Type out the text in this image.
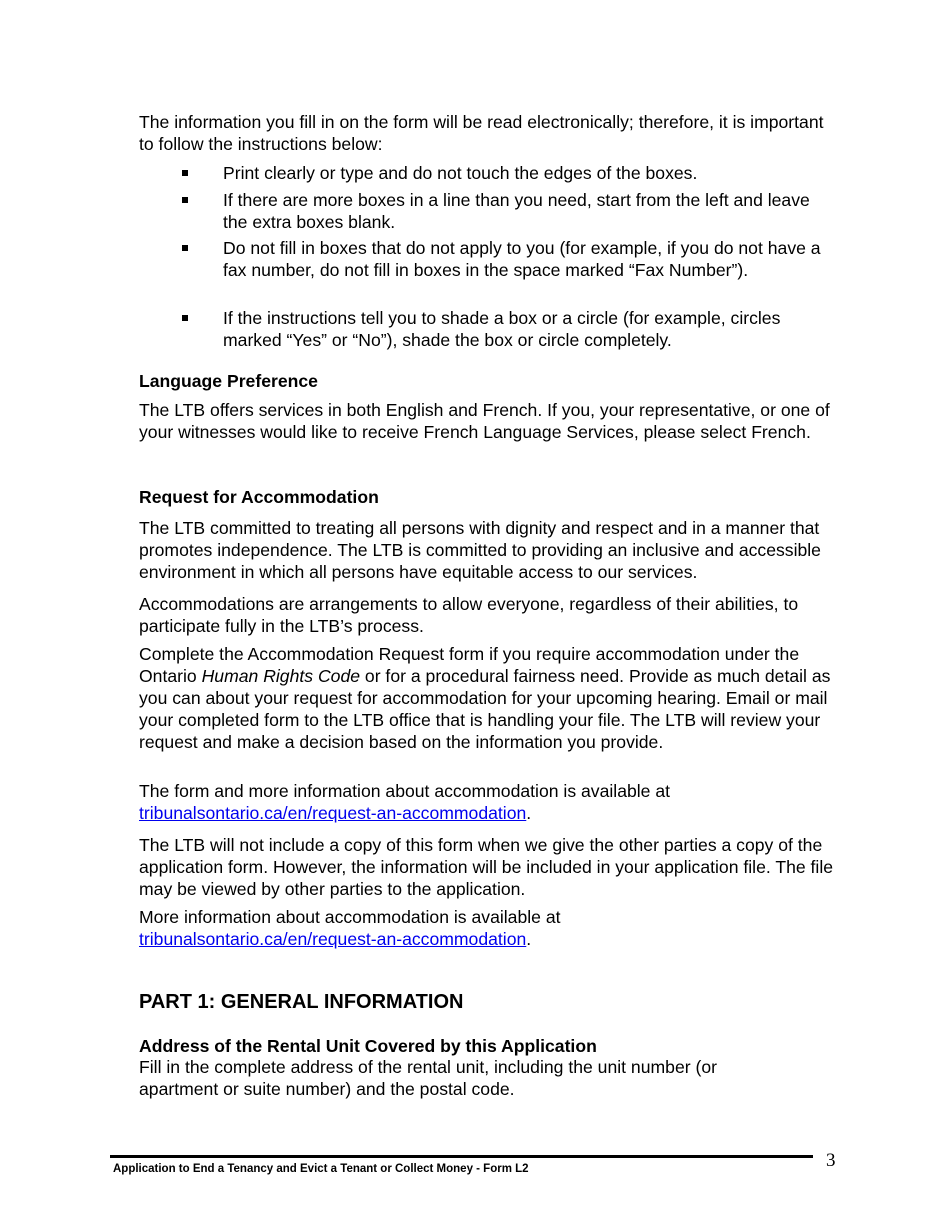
The information you fill in on the form will be read electronically; therefore, it is important to follow the instructions below:

Print clearly or type and do not touch the edges of the boxes.

If there are more boxes in a line than you need, start from the left and leave the extra boxes blank.

Do not fill in boxes that do not apply to you (for example, if you do not have a fax number, do not fill in boxes in the space marked “Fax Number”).

If the instructions tell you to shade a box or a circle (for example, circles marked “Yes” or “No”), shade the box or circle completely.

Language Preference

The LTB offers services in both English and French. If you, your representative, or one of your witnesses would like to receive French Language Services, please select French.

Request for Accommodation

The LTB committed to treating all persons with dignity and respect and in a manner that promotes independence. The LTB is committed to providing an inclusive and accessible environment in which all persons have equitable access to our services.

Accommodations are arrangements to allow everyone, regardless of their abilities, to participate fully in the LTB’s process.

Complete the Accommodation Request form if you require accommodation under the Ontario Human Rights Code or for a procedural fairness need. Provide as much detail as you can about your request for accommodation for your upcoming hearing. Email or mail your completed form to the LTB office that is handling your file. The LTB will review your request and make a decision based on the information you provide.

The form and more information about accommodation is available at
tribunalsontario.ca/en/request-an-accommodation.

The LTB will not include a copy of this form when we give the other parties a copy of the application form. However, the information will be included in your application file. The file may be viewed by other parties to the application.

More information about accommodation is available at
tribunalsontario.ca/en/request-an-accommodation.

PART 1: GENERAL INFORMATION

Address of the Rental Unit Covered by this Application

Fill in the complete address of the rental unit, including the unit number (or apartment or suite number) and the postal code.

Application to End a Tenancy and Evict a Tenant or Collect Money - Form L2	3
